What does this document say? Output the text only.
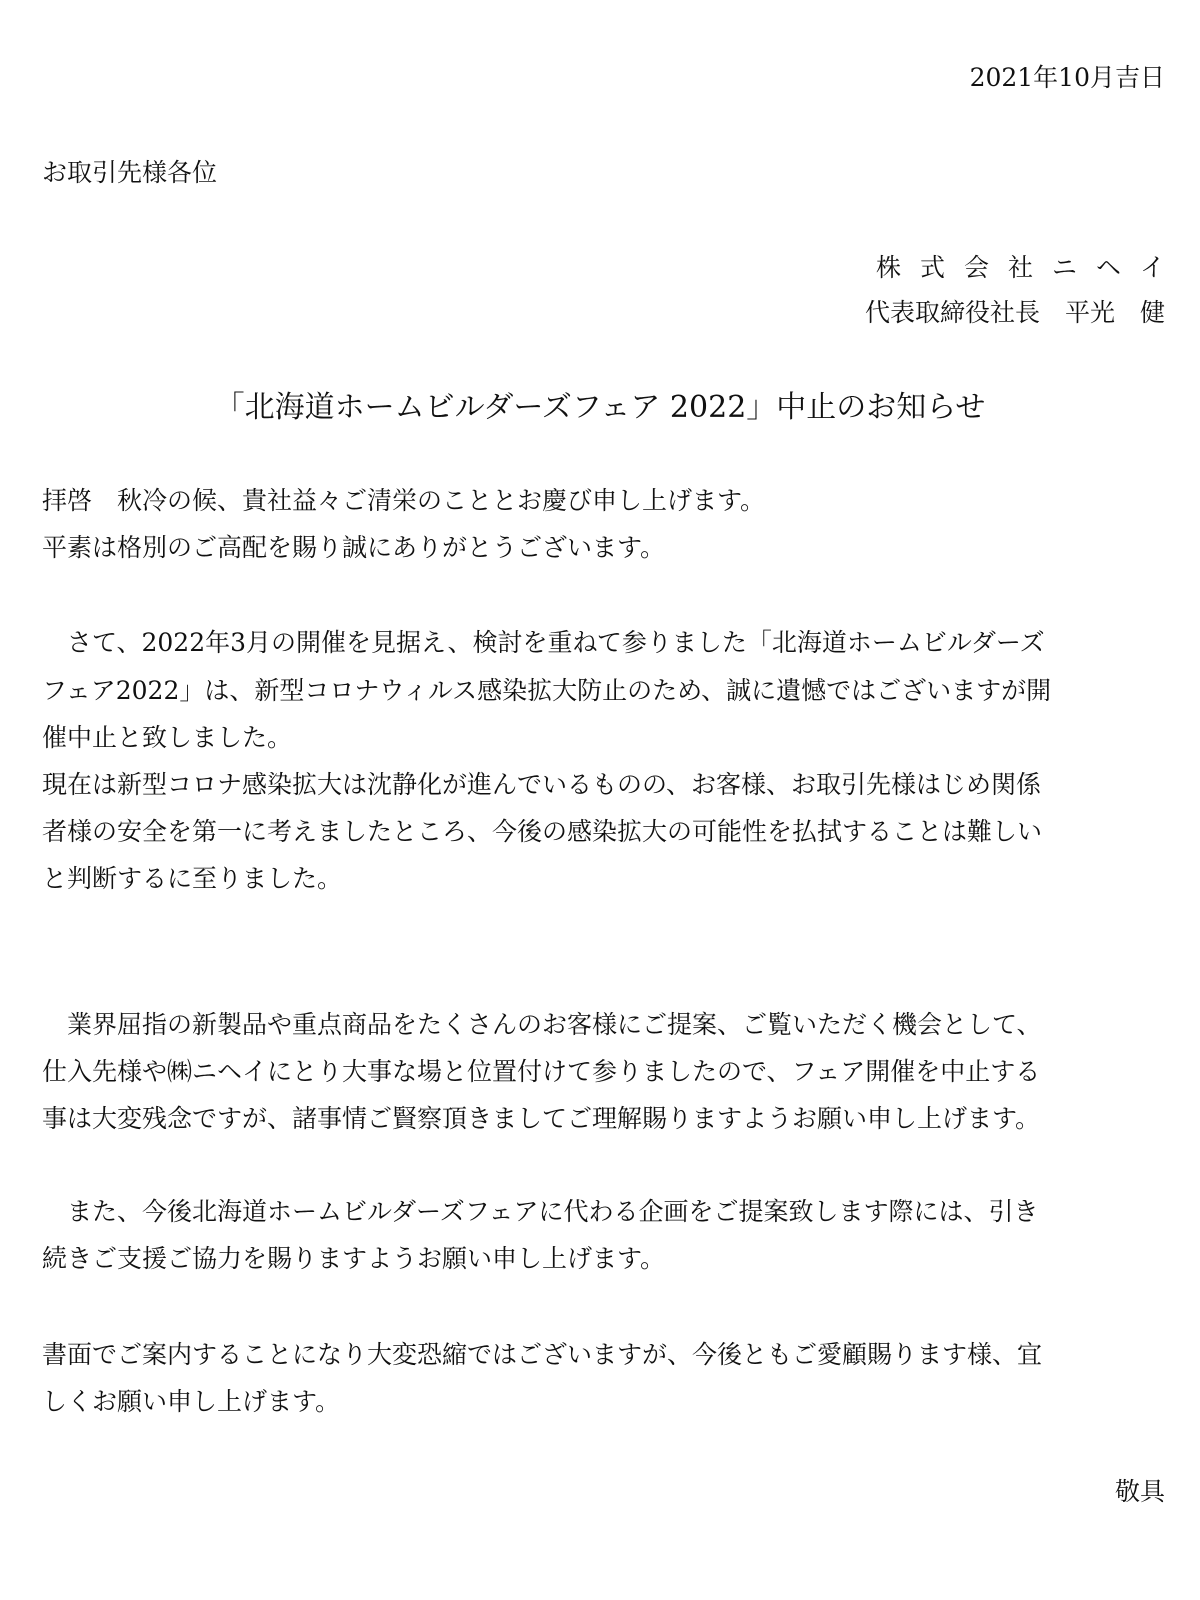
2021年10月吉日
お取引先様各位
株式会社ニヘイ
代表取締役社長　平光　健
「北海道ホームビルダーズフェア 2022」中止のお知らせ
拝啓　秋冷の候、貴社益々ご清栄のこととお慶び申し上げます。
平素は格別のご高配を賜り誠にありがとうございます。
　さて、2022年3月の開催を見据え、検討を重ねて参りました「北海道ホームビルダーズ
フェア2022」は、新型コロナウィルス感染拡大防止のため、誠に遺憾ではございますが開
催中止と致しました。
現在は新型コロナ感染拡大は沈静化が進んでいるものの、お客様、お取引先様はじめ関係
者様の安全を第一に考えましたところ、今後の感染拡大の可能性を払拭することは難しい
と判断するに至りました。
　業界屈指の新製品や重点商品をたくさんのお客様にご提案、ご覧いただく機会として、
仕入先様や㈱ニヘイにとり大事な場と位置付けて参りましたので、フェア開催を中止する
事は大変残念ですが、諸事情ご賢察頂きましてご理解賜りますようお願い申し上げます。
　また、今後北海道ホームビルダーズフェアに代わる企画をご提案致します際には、引き
続きご支援ご協力を賜りますようお願い申し上げます。
書面でご案内することになり大変恐縮ではございますが、今後ともご愛顧賜ります様、宜
しくお願い申し上げます。
敬具
